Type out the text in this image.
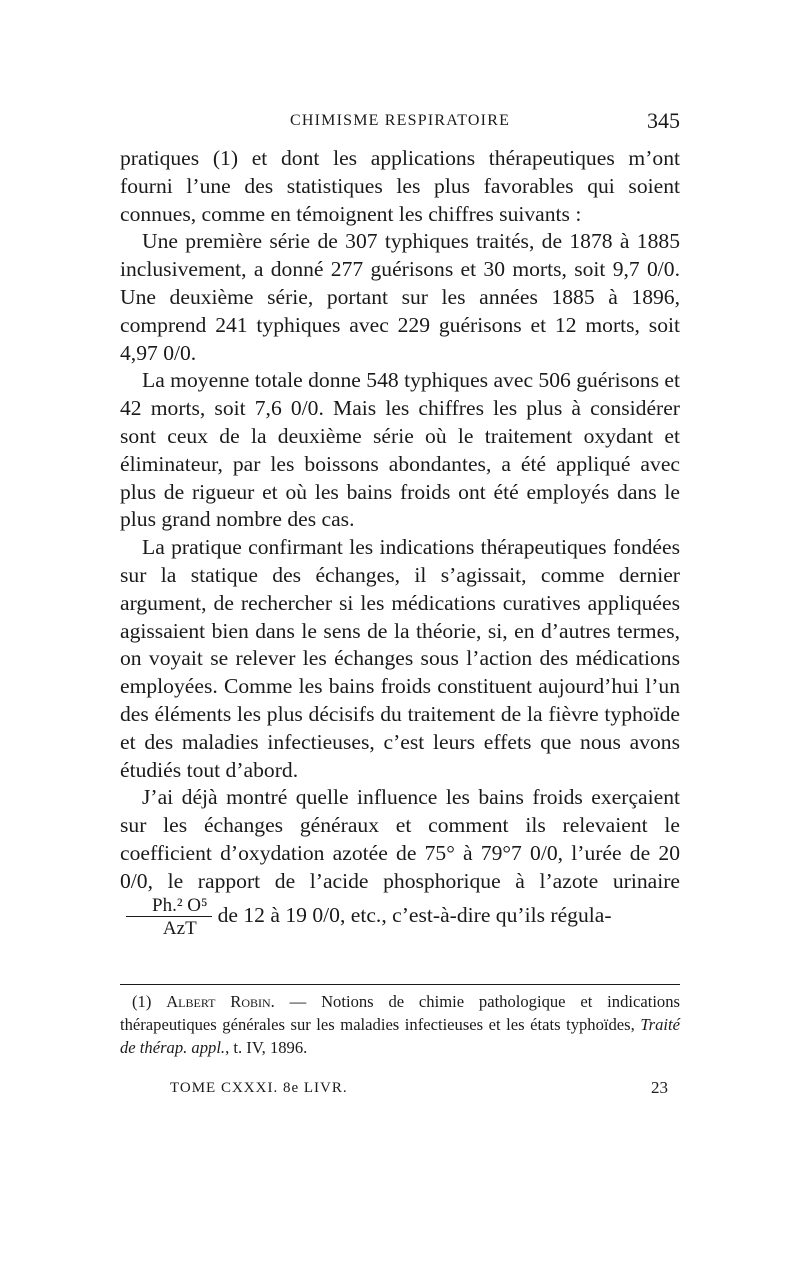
CHIMISME RESPIRATOIRE	345

pratiques (1) et dont les applications thérapeutiques m’ont fourni l’une des statistiques les plus favorables qui soient connues, comme en témoignent les chiffres suivants :

Une première série de 307 typhiques traités, de 1878 à 1885 inclusivement, a donné 277 guérisons et 30 morts, soit 9,7 0/0. Une deuxième série, portant sur les années 1885 à 1896, comprend 241 typhiques avec 229 guérisons et 12 morts, soit 4,97 0/0.

La moyenne totale donne 548 typhiques avec 506 guérisons et 42 morts, soit 7,6 0/0. Mais les chiffres les plus à considérer sont ceux de la deuxième série où le traitement oxydant et éliminateur, par les boissons abondantes, a été appliqué avec plus de rigueur et où les bains froids ont été employés dans le plus grand nombre des cas.

La pratique confirmant les indications thérapeutiques fondées sur la statique des échanges, il s’agissait, comme dernier argument, de rechercher si les médications curatives appliquées agissaient bien dans le sens de la théorie, si, en d’autres termes, on voyait se relever les échanges sous l’action des médications employées. Comme les bains froids constituent aujourd’hui l’un des éléments les plus décisifs du traitement de la fièvre typhoïde et des maladies infectieuses, c’est leurs effets que nous avons étudiés tout d’abord.

J’ai déjà montré quelle influence les bains froids exerçaient sur les échanges généraux et comment ils relevaient le coefficient d’oxydation azotée de 75° à 79°7 0/0, l’urée de 20 0/0, le rapport de l’acide phosphorique à l’azote urinaire
$\frac{\text{Ph.² O⁵}}{\text{AzT}}$ de 12 à 19 0/0, etc., c’est-à-dire qu’ils régula-

(1) Albert Robin. — Notions de chimie pathologique et indications thérapeutiques générales sur les maladies infectieuses et les états typhoïdes, Traité de thérap. appl., t. IV, 1896.

TOME CXXXI. 8e LIVR.	23
